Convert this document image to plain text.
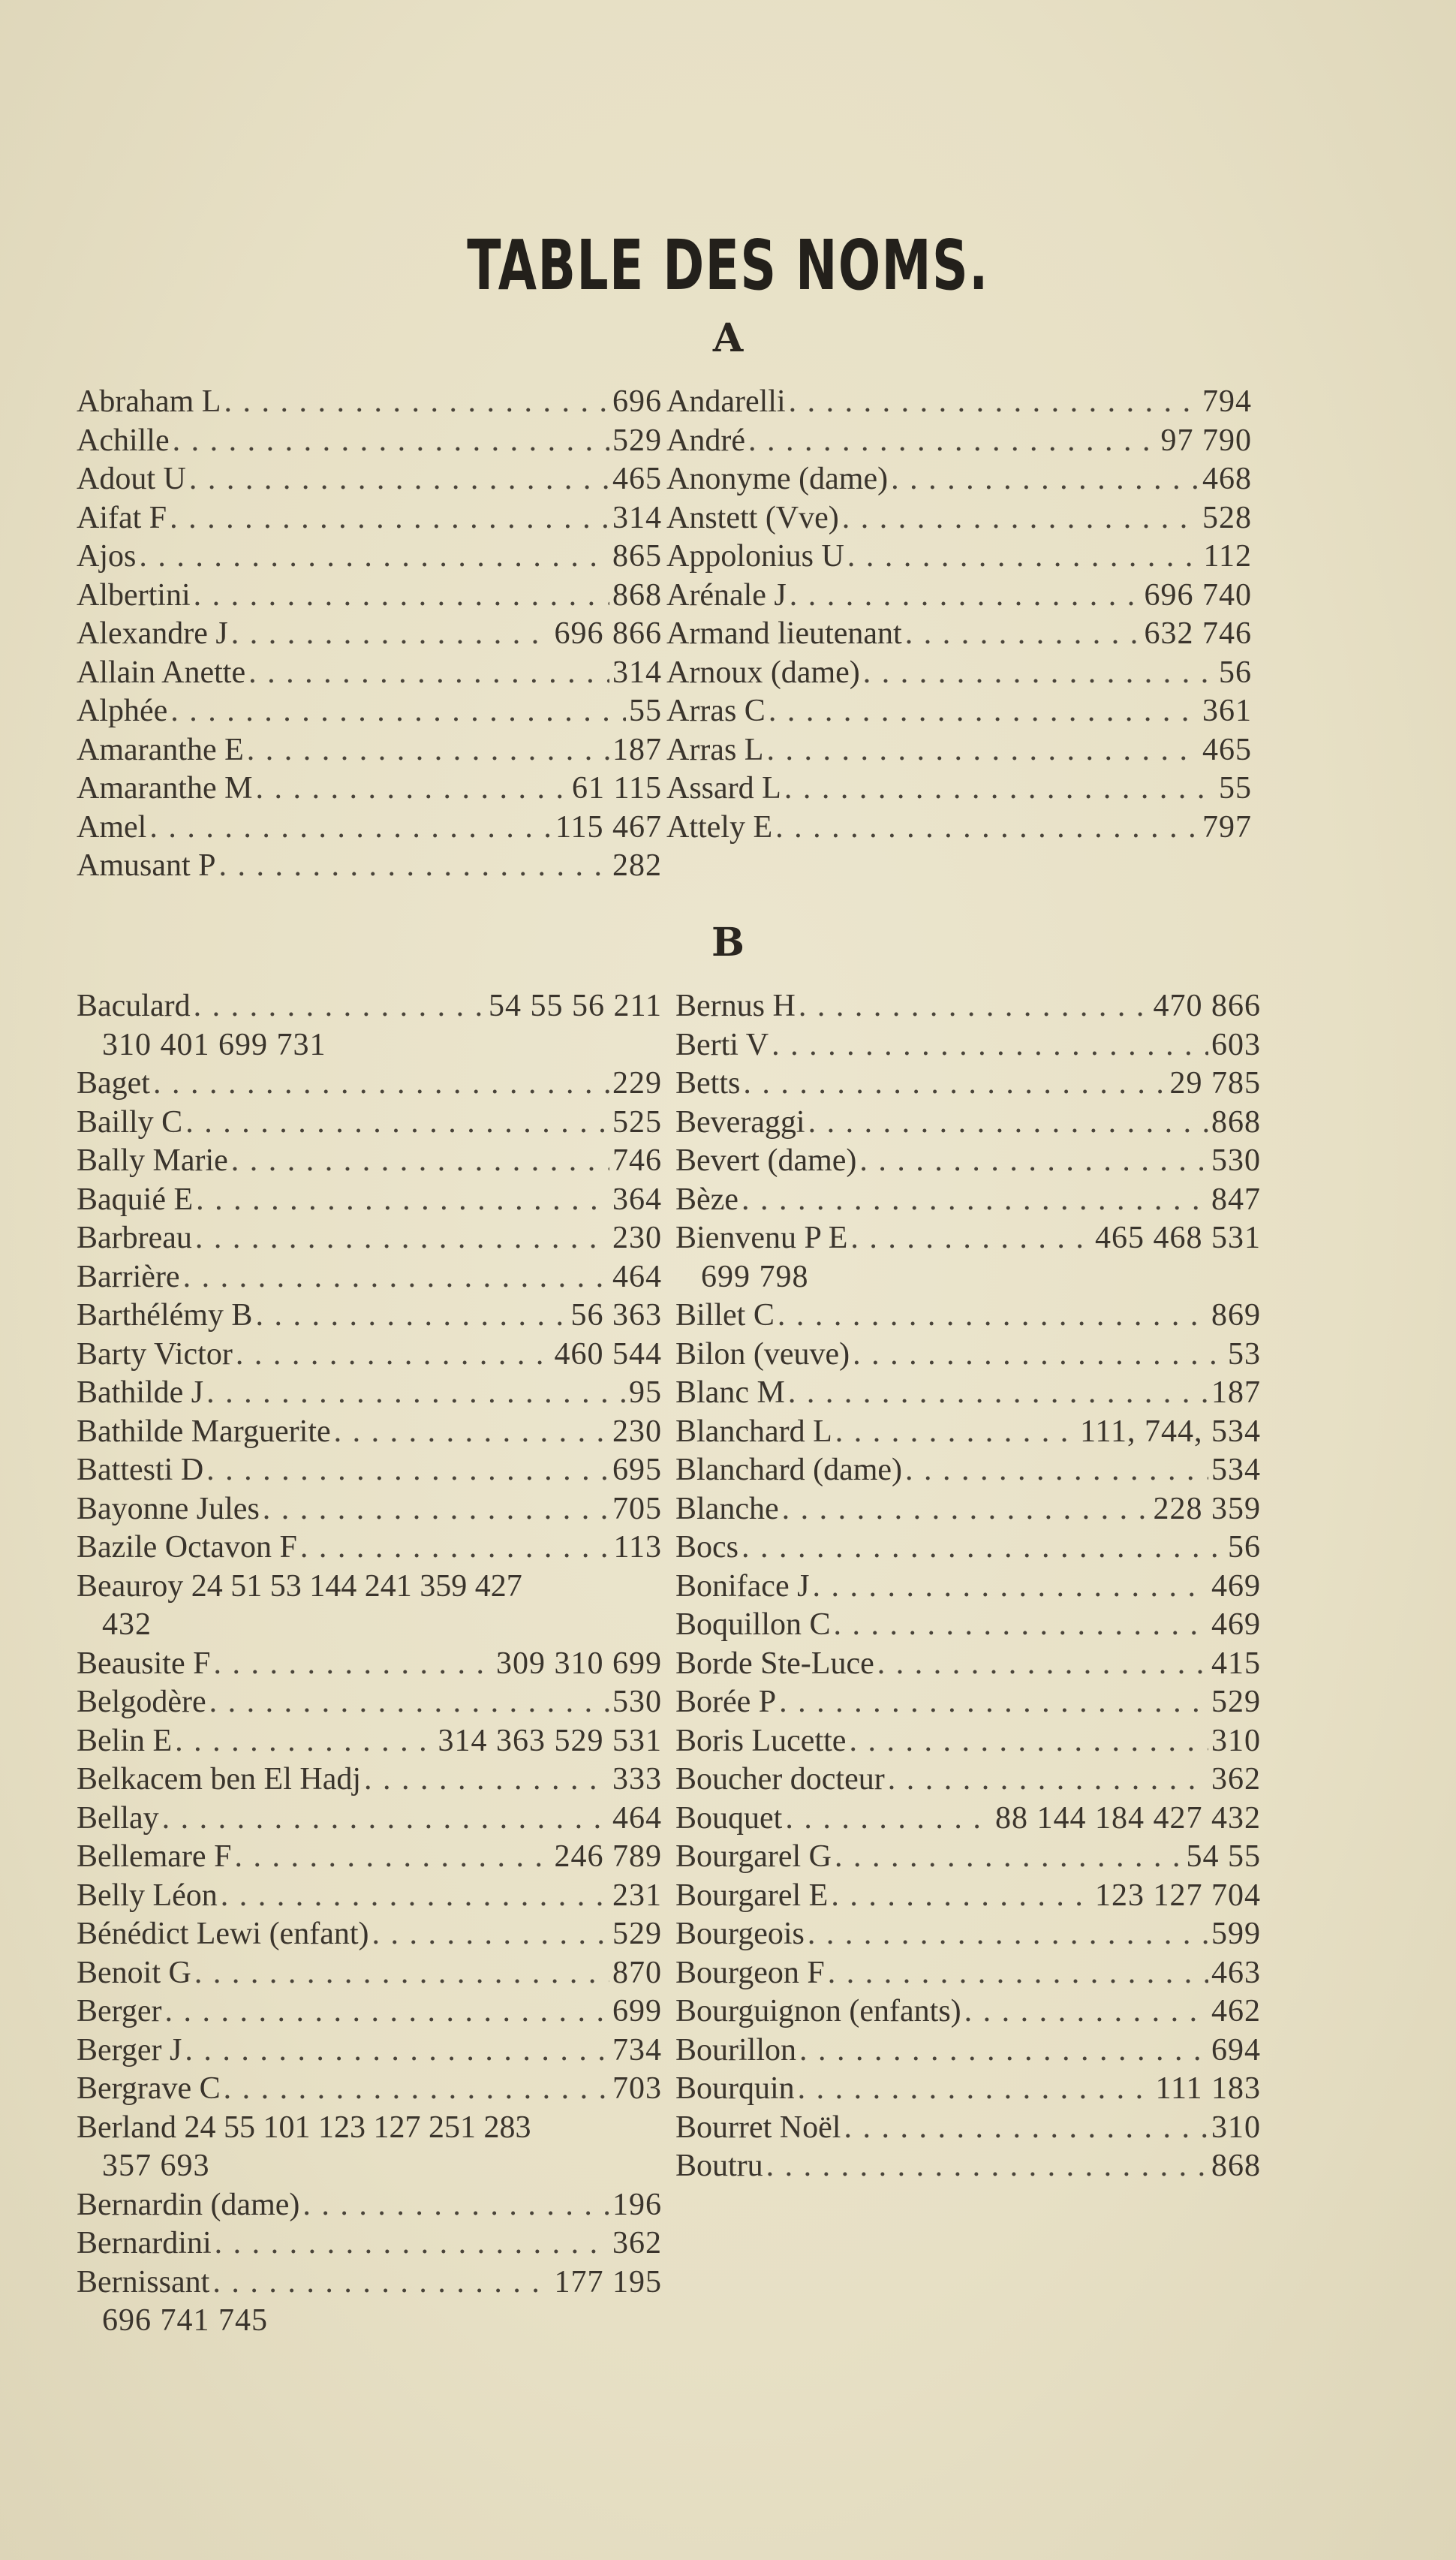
TABLE DES NOMS.
A
Abraham L . . .	696
Achille . . .	529
Adout U . . .	465
Aifat F . . .	314
Ajos . . .	865
Albertini . . .	868
Alexandre J . . .	696 866
Allain Anette . . .	314
Alphée . . .	55
Amaranthe E . . .	187
Amaranthe M . . .	61 115
Amel . . .	115 467
Amusant P . . .	282
Andarelli . . .	794
André . . .	97 790
Anonyme (dame) . . .	468
Anstett (Vve) . . .	528
Appolonius U . . .	112
Arénale J . . .	696 740
Armand lieutenant . . .	632 746
Arnoux (dame) . . .	56
Arras C . . .	361
Arras L . . .	465
Assard L . . .	55
Attely E . . .	797
B
Baculard . . .	54 55 56 211
310 401 699 731
Baget . . .	229
Bailly C . . .	525
Bally Marie . . .	746
Baquié E . . .	364
Barbreau . . .	230
Barrière . . .	464
Barthélémy B . . .	56 363
Barty Victor . . .	460 544
Bathilde J . . .	95
Bathilde Marguerite . . .	230
Battesti D . . .	695
Bayonne Jules . . .	705
Bazile Octavon F . . .	113
Beauroy 24 51 53 144 241 359 427
432
Beausite F . . .	309 310 699
Belgodère . . .	530
Belin E . . .	314 363 529 531
Belkacem ben El Hadj . . .	333
Bellay . . .	464
Bellemare F . . .	246 789
Belly Léon . . .	231
Bénédict Lewi (enfant) . . .	529
Benoit G . . .	870
Berger . . .	699
Berger J . . .	734
Bergrave C . . .	703
Berland 24 55 101 123 127 251 283
357 693
Bernardin (dame) . . .	196
Bernardini . . .	362
Bernissant . . .	177 195
696 741 745
Bernus H . . .	470 866
Berti V . . .	603
Betts . . .	29 785
Beveraggi . . .	868
Bevert (dame) . . .	530
Bèze . . .	847
Bienvenu P E . . .	465 468 531
699 798
Billet C . . .	869
Bilon (veuve) . . .	53
Blanc M . . .	187
Blanchard L . . .	111, 744, 534
Blanchard (dame) . . .	534
Blanche . . .	228 359
Bocs . . .	56
Boniface J . . .	469
Boquillon C . . .	469
Borde Ste-Luce . . .	415
Borée P . . .	529
Boris Lucette . . .	310
Boucher docteur . . .	362
Bouquet . . .	88 144 184 427 432
Bourgarel G . . .	54 55
Bourgarel E . . .	123 127 704
Bourgeois . . .	599
Bourgeon F . . .	463
Bourguignon (enfants) . . .	462
Bourillon . . .	694
Bourquin . . .	111 183
Bourret Noël . . .	310
Boutru . . .	868
